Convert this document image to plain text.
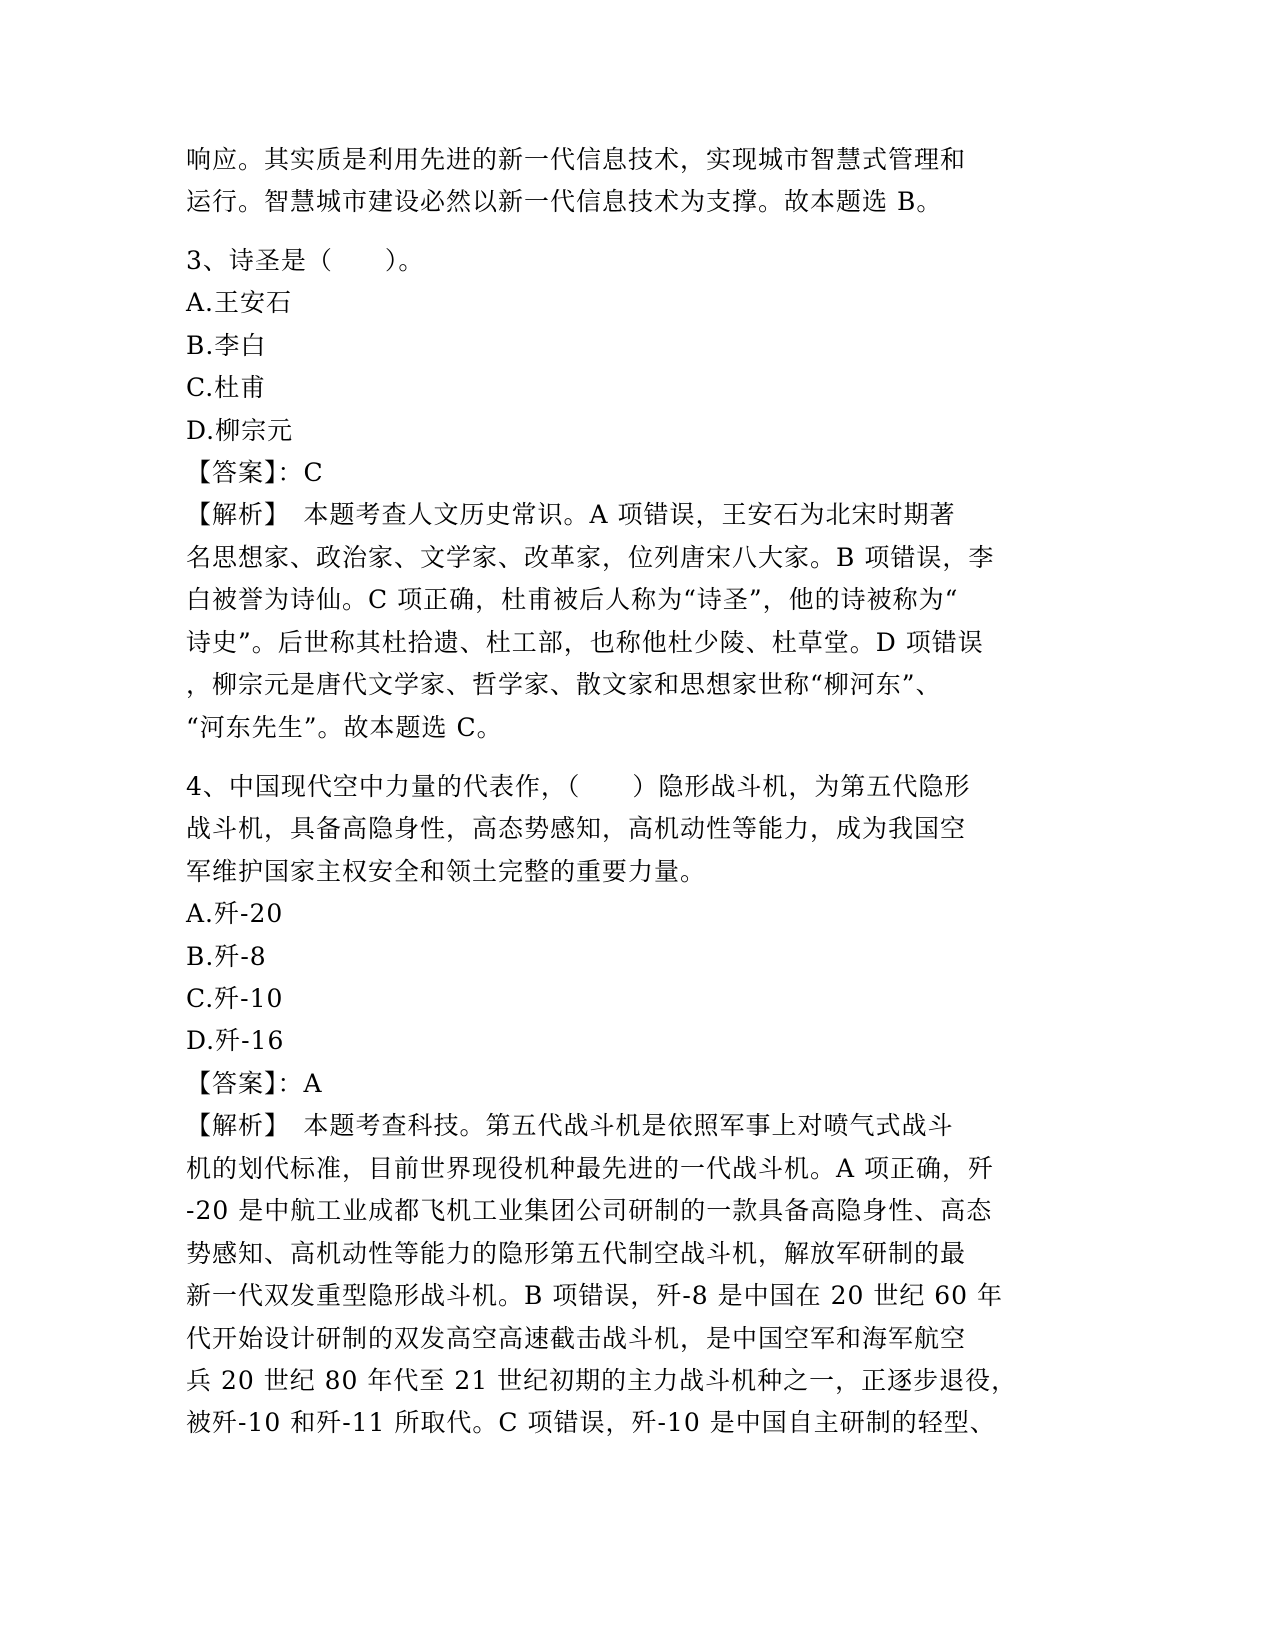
响应。其实质是利用先进的新一代信息技术，实现城市智慧式管理和
运行。智慧城市建设必然以新一代信息技术为支撑。故本题选 B。
3、诗圣是（　　）。
A.王安石
B.李白
C.杜甫
D.柳宗元
【答案】：C
【解析】　本题考查人文历史常识。A 项错误，王安石为北宋时期著
名思想家、政治家、文学家、改革家，位列唐宋八大家。B 项错误，李
白被誉为诗仙。C 项正确，杜甫被后人称为“诗圣”，他的诗被称为“
诗史”。后世称其杜拾遗、杜工部，也称他杜少陵、杜草堂。D 项错误
，柳宗元是唐代文学家、哲学家、散文家和思想家世称“柳河东”、
“河东先生”。故本题选 C。
4、中国现代空中力量的代表作，（　　）隐形战斗机，为第五代隐形
战斗机，具备高隐身性，高态势感知，高机动性等能力，成为我国空
军维护国家主权安全和领土完整的重要力量。
A.歼-20
B.歼-8
C.歼-10
D.歼-16
【答案】：A
【解析】　本题考查科技。第五代战斗机是依照军事上对喷气式战斗
机的划代标准，目前世界现役机种最先进的一代战斗机。A 项正确，歼
-20 是中航工业成都飞机工业集团公司研制的一款具备高隐身性、高态
势感知、高机动性等能力的隐形第五代制空战斗机，解放军研制的最
新一代双发重型隐形战斗机。B 项错误，歼-8 是中国在 20 世纪 60 年
代开始设计研制的双发高空高速截击战斗机，是中国空军和海军航空
兵 20 世纪 80 年代至 21 世纪初期的主力战斗机种之一，正逐步退役，
被歼-10 和歼-11 所取代。C 项错误，歼-10 是中国自主研制的轻型、
